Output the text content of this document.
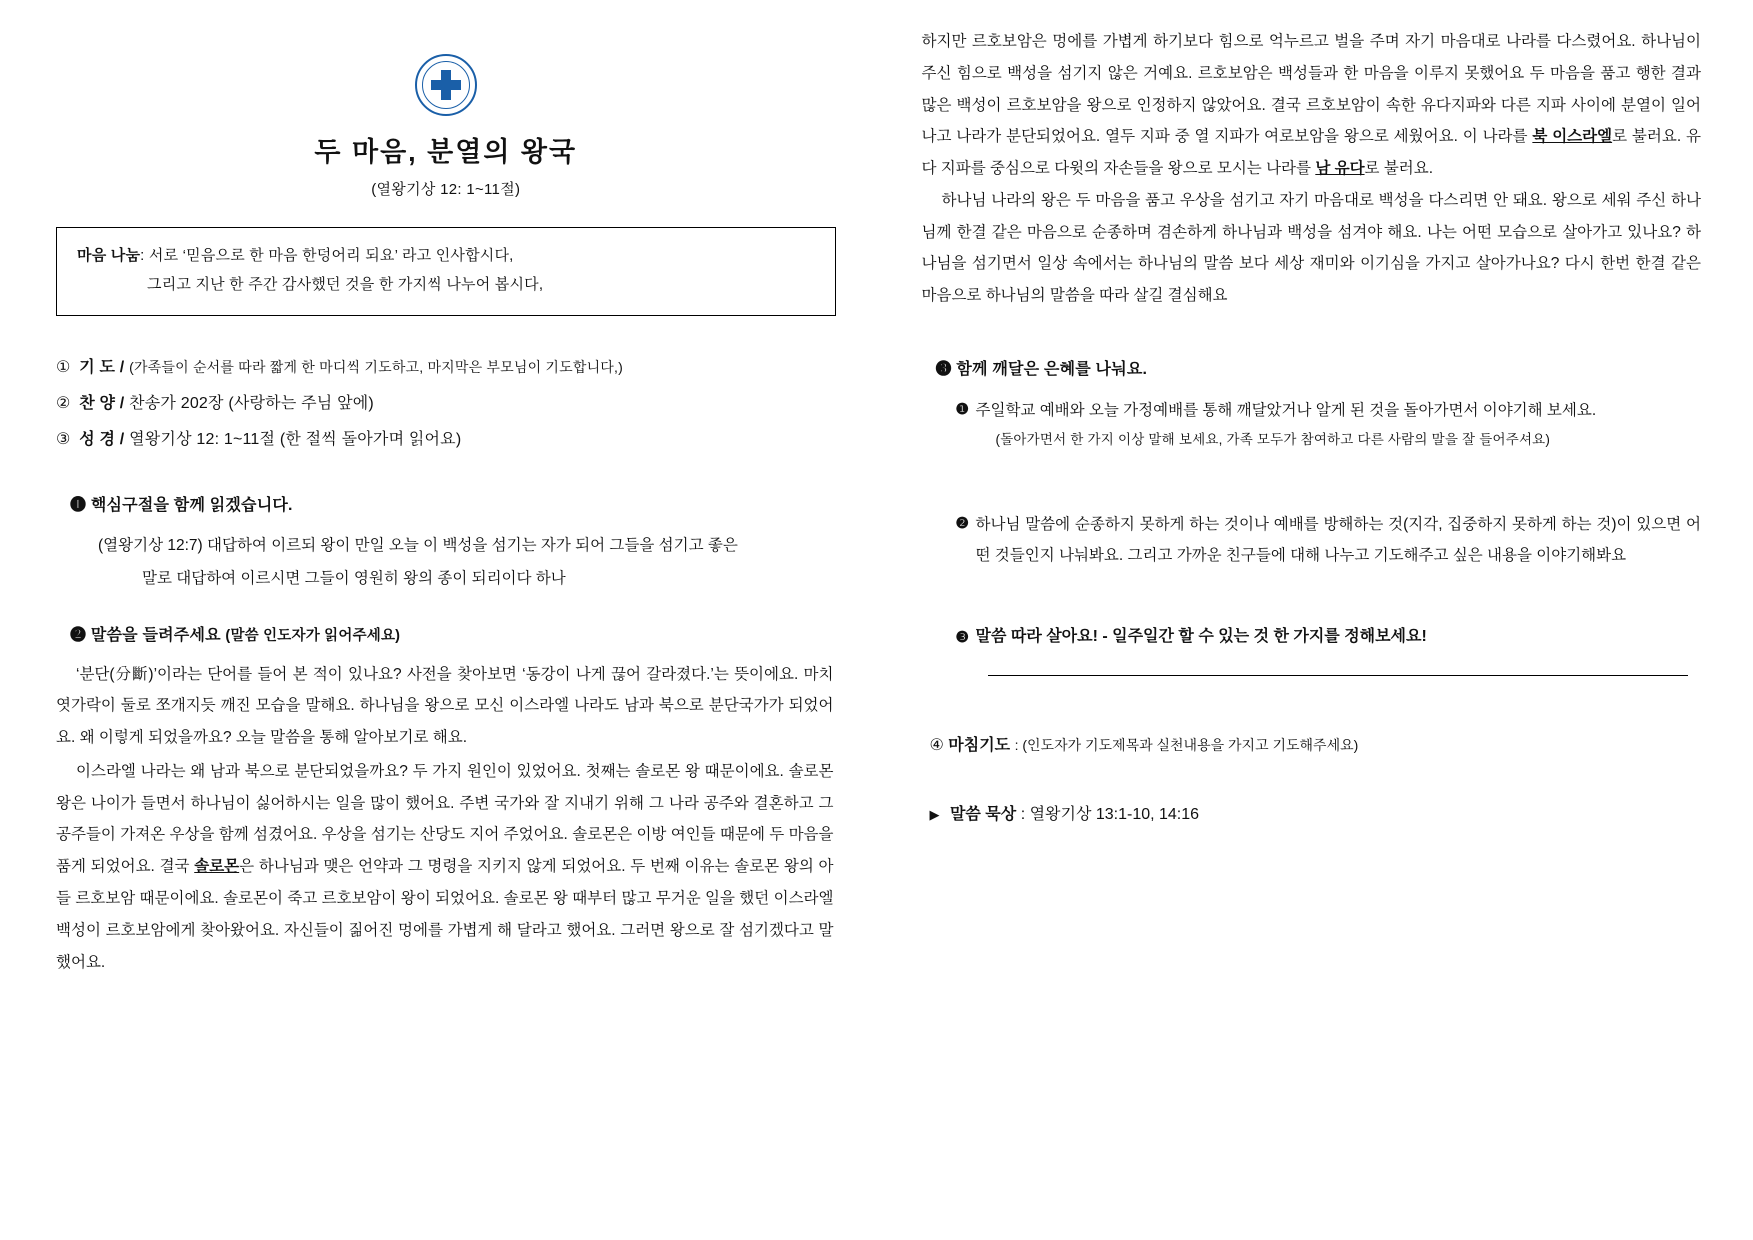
두 마음, 분열의 왕국
(열왕기상 12: 1~11절)
마음 나눔: 서로 ‘믿음으로 한 마음 한덩어리 되요’ 라고 인사합시다,
그리고 지난 한 주간 감사했던 것을 한 가지씩 나누어 봅시다,
① 기 도 / (가족들이 순서를 따라 짧게 한 마디씩 기도하고, 마지막은 부모님이 기도합니다,)
② 찬 양 / 찬송가 202장 (사랑하는 주님 앞에)
③ 성 경 / 열왕기상 12: 1~11절 (한 절씩 돌아가며 읽어요)
❶ 핵심구절을 함께 읽겠습니다.
(열왕기상 12:7) 대답하여 이르되 왕이 만일 오늘 이 백성을 섬기는 자가 되어 그들을 섬기고 좋은
말로 대답하여 이르시면 그들이 영원히 왕의 종이 되리이다 하나
❷ 말씀을 들려주세요 (말씀 인도자가 읽어주세요)

‘분단(分斷)’이라는 단어를 들어 본 적이 있나요? 사전을 찾아보면 ‘동강이 나게 끊어 갈라졌다.’는 뜻이에요. 마치 엿가락이 둘로 쪼개지듯 깨진 모습을 말해요. 하나님을 왕으로 모신 이스라엘 나라도 남과 북으로 분단국가가 되었어요. 왜 이렇게 되었을까요? 오늘 말씀을 통해 알아보기로 해요.

이스라엘 나라는 왜 남과 북으로 분단되었을까요? 두 가지 원인이 있었어요. 첫째는 솔로몬 왕 때문이에요. 솔로몬 왕은 나이가 들면서 하나님이 싫어하시는 일을 많이 했어요. 주변 국가와 잘 지내기 위해 그 나라 공주와 결혼하고 그 공주들이 가져온 우상을 함께 섬겼어요. 우상을 섬기는 산당도 지어 주었어요. 솔로몬은 이방 여인들 때문에 두 마음을 품게 되었어요. 결국 솔로몬은 하나님과 맺은 언약과 그 명령을 지키지 않게 되었어요. 두 번째 이유는 솔로몬 왕의 아들 르호보암 때문이에요. 솔로몬이 죽고 르호보암이 왕이 되었어요. 솔로몬 왕 때부터 많고 무거운 일을 했던 이스라엘 백성이 르호보암에게 찾아왔어요. 자신들이 짊어진 멍에를 가볍게 해 달라고 했어요. 그러면 왕으로 잘 섬기겠다고 말했어요.

하지만 르호보암은 멍에를 가볍게 하기보다 힘으로 억누르고 벌을 주며 자기 마음대로 나라를 다스렸어요. 하나님이 주신 힘으로 백성을 섬기지 않은 거예요. 르호보암은 백성들과 한 마음을 이루지 못했어요 두 마음을 품고 행한 결과 많은 백성이 르호보암을 왕으로 인정하지 않았어요. 결국 르호보암이 속한 유다지파와 다른 지파 사이에 분열이 일어나고 나라가 분단되었어요. 열두 지파 중 열 지파가 여로보암을 왕으로 세웠어요. 이 나라를 북 이스라엘로 불러요. 유다 지파를 중심으로 다윗의 자손들을 왕으로 모시는 나라를 남 유다로 불러요.

하나님 나라의 왕은 두 마음을 품고 우상을 섬기고 자기 마음대로 백성을 다스리면 안 돼요. 왕으로 세워 주신 하나님께 한결 같은 마음으로 순종하며 겸손하게 하나님과 백성을 섬겨야 해요. 나는 어떤 모습으로 살아가고 있나요? 하나님을 섬기면서 일상 속에서는 하나님의 말씀 보다 세상 재미와 이기심을 가지고 살아가나요? 다시 한번 한결 같은 마음으로 하나님의 말씀을 따라 살길 결심해요

❸ 함께 깨달은 은혜를 나눠요.
❶ 주일학교 예배와 오늘 가정예배를 통해 깨달았거나 알게 된 것을 돌아가면서 이야기해 보세요.
(돌아가면서 한 가지 이상 말해 보세요, 가족 모두가 참여하고 다른 사람의 말을 잘 들어주셔요)
❷ 하나님 말씀에 순종하지 못하게 하는 것이나 예배를 방해하는 것(지각, 집중하지 못하게 하는 것)이 있으면 어떤 것들인지 나눠봐요. 그리고 가까운 친구들에 대해 나누고 기도해주고 싶은 내용을 이야기해봐요
❸ 말씀 따라 살아요!
- 일주일간 할 수 있는 것 한 가지를 정해보세요!
④ 마침기도 : (인도자가 기도제목과 실천내용을 가지고 기도해주세요)
▶ 말씀 묵상 : 열왕기상 13:1-10, 14:16
